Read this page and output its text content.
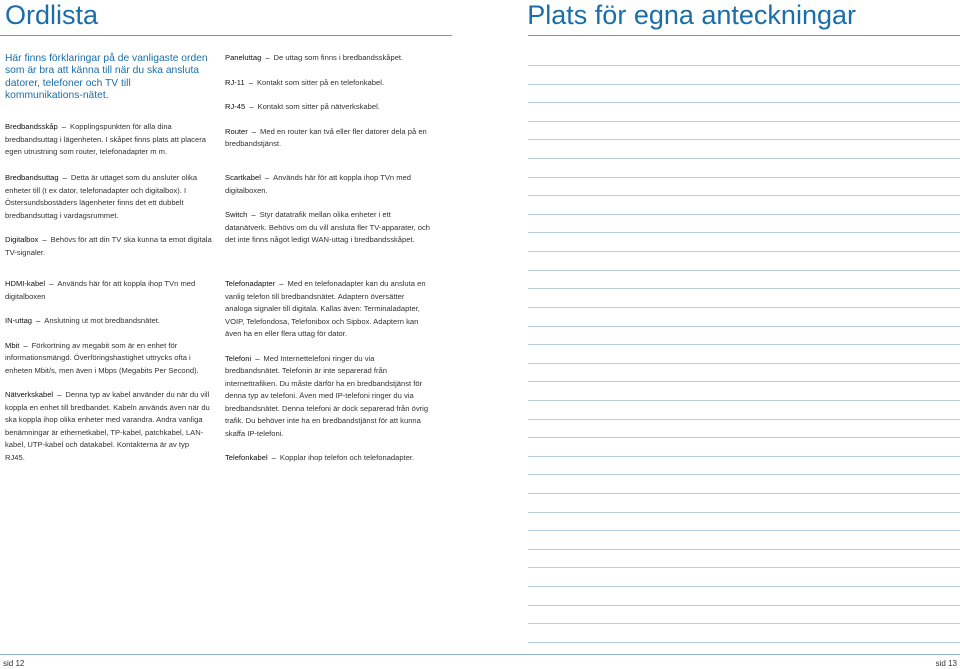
Ordlista	Plats för egna anteckningar
Här finns förklaringar på de vanligaste orden som är bra att känna till när du ska ansluta datorer, telefoner och TV till kommunikations-nätet.

Bredbandsskåp – Kopplingspunkten för alla dina bredbandsuttag i lägenheten. I skåpet finns plats att placera egen utrustning som router, telefonadapter m m.

Bredbandsuttag – Detta är uttaget som du ansluter olika enheter till (t ex dator, telefonadapter och digitalbox). I Östersundsbostäders lägenheter finns det ett dubbelt bredbandsuttag i vardagsrummet.

Digitalbox – Behövs för att din TV ska kunna ta emot digitala TV-signaler.

HDMI-kabel – Används här för att koppla ihop TVn med digitalboxen

IN-uttag – Anslutning ut mot bredbandsnätet.

Mbit – Förkortning av megabit som är en enhet för informationsmängd. Överföringshastighet uttrycks ofta i enheten Mbit/s, men även i Mbps (Megabits Per Second).

Nätverkskabel – Denna typ av kabel använder du när du vill koppla en enhet till bredbandet. Kabeln används även när du ska koppla ihop olika enheter med varandra. Andra vanliga benämningar är ethernetkabel, TP-kabel, patchkabel, LAN-kabel, UTP-kabel och datakabel. Kontakterna är av typ RJ45.

Paneluttag – De uttag som finns i bredbandsskåpet.

RJ-11 – Kontakt som sitter på en telefonkabel.

RJ-45 – Kontakt som sitter på nätverkskabel.

Router – Med en router kan två eller fler datorer dela på en bredbandstjänst.

Scartkabel – Används här för att koppla ihop TVn med digitalboxen.

Switch – Styr datatrafik mellan olika enheter i ett datanätverk. Behövs om du vill ansluta fler TV-apparater, och det inte finns något ledigt WAN-uttag i bredbandsskåpet.

Telefonadapter – Med en telefonadapter kan du ansluta en vanlig telefon till bredbandsnätet. Adaptern översätter analoga signaler till digitala. Kallas även: Terminaladapter, VOIP, Telefondosa, Telefonibox och Sipbox. Adaptern kan även ha en eller flera uttag för dator.

Telefoni – Med Internettelefoni ringer du via bredbandsnätet. Telefonin är inte separerad från internettrafiken. Du måste därför ha en bredbandstjänst för denna typ av telefoni. Även med IP-telefoni ringer du via bredbandsnätet. Denna telefoni är dock separerad från övrig trafik. Du behöver inte ha en bredbandstjänst för att kunna skaffa IP-telefoni.

Telefonkabel – Kopplar ihop telefon och telefonadapter.

sid 12	sid 13
